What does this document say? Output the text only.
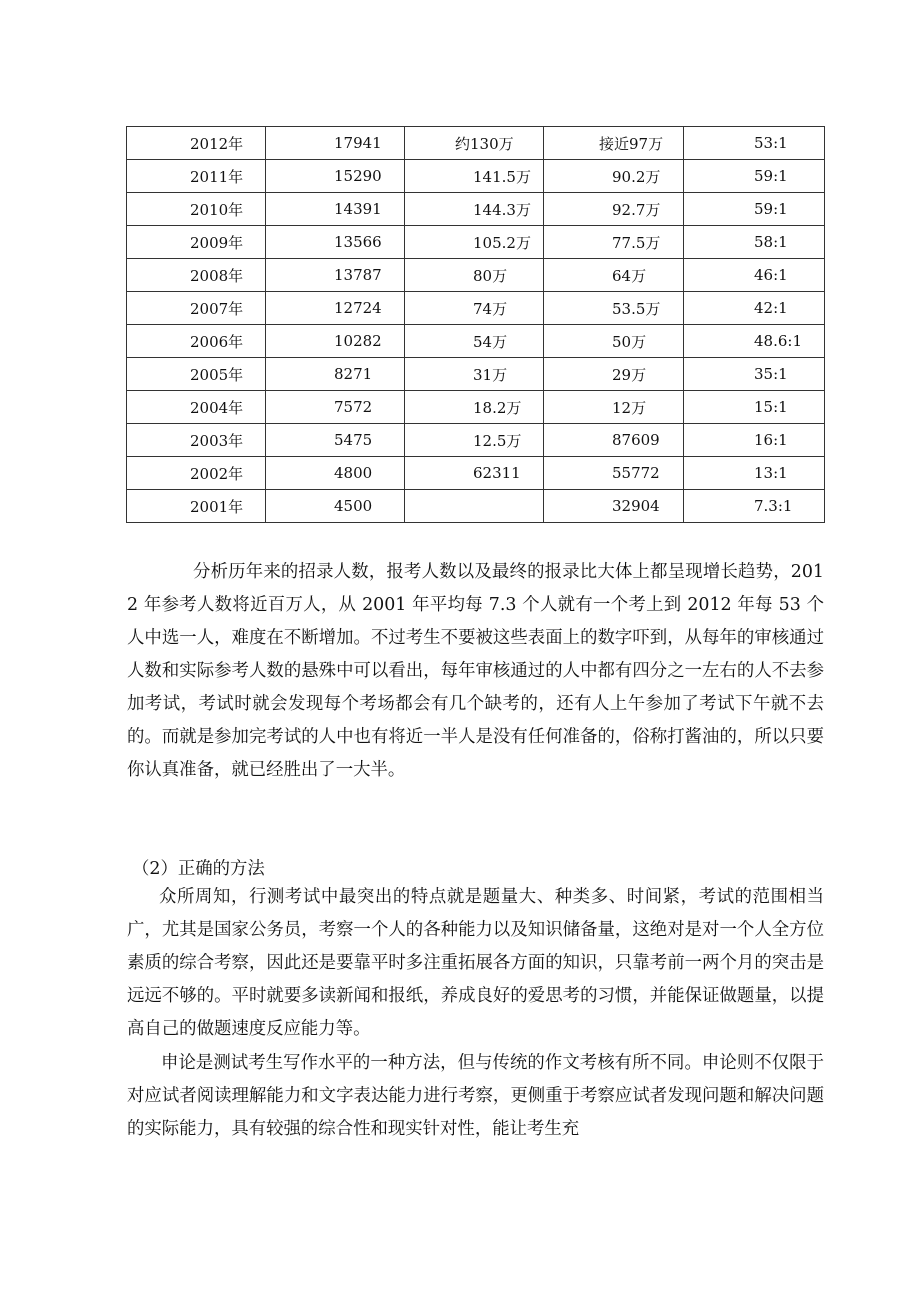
2012年	17941	约130万	接近97万	53:1
2011年	15290	141.5万	90.2万	59:1
2010年	14391	144.3万	92.7万	59:1
2009年	13566	105.2万	77.5万	58:1
2008年	13787	80万	64万	46:1
2007年	12724	74万	53.5万	42:1
2006年	10282	54万	50万	48.6:1
2005年	8271	31万	29万	35:1
2004年	7572	18.2万	12万	15:1
2003年	5475	12.5万	87609	16:1
2002年	4800	62311	55772	13:1
2001年	4500		32904	7.3:1

分析历年来的招录人数，报考人数以及最终的报录比大体上都呈现增长趋势，2012 年参考人数将近百万人，从 2001 年平均每 7.3 个人就有一个考上到 2012 年每 53 个人中选一人，难度在不断增加。不过考生不要被这些表面上的数字吓到，从每年的审核通过人数和实际参考人数的悬殊中可以看出，每年审核通过的人中都有四分之一左右的人不去参加考试，考试时就会发现每个考场都会有几个缺考的，还有人上午参加了考试下午就不去的。而就是参加完考试的人中也有将近一半人是没有任何准备的，俗称打酱油的，所以只要你认真准备，就已经胜出了一大半。

（2）正确的方法

众所周知，行测考试中最突出的特点就是题量大、种类多、时间紧，考试的范围相当广，尤其是国家公务员，考察一个人的各种能力以及知识储备量，这绝对是对一个人全方位素质的综合考察，因此还是要靠平时多注重拓展各方面的知识，只靠考前一两个月的突击是远远不够的。平时就要多读新闻和报纸，养成良好的爱思考的习惯，并能保证做题量，以提高自己的做题速度反应能力等。

申论是测试考生写作水平的一种方法，但与传统的作文考核有所不同。申论则不仅限于对应试者阅读理解能力和文字表达能力进行考察，更侧重于考察应试者发现问题和解决问题的实际能力，具有较强的综合性和现实针对性，能让考生充
